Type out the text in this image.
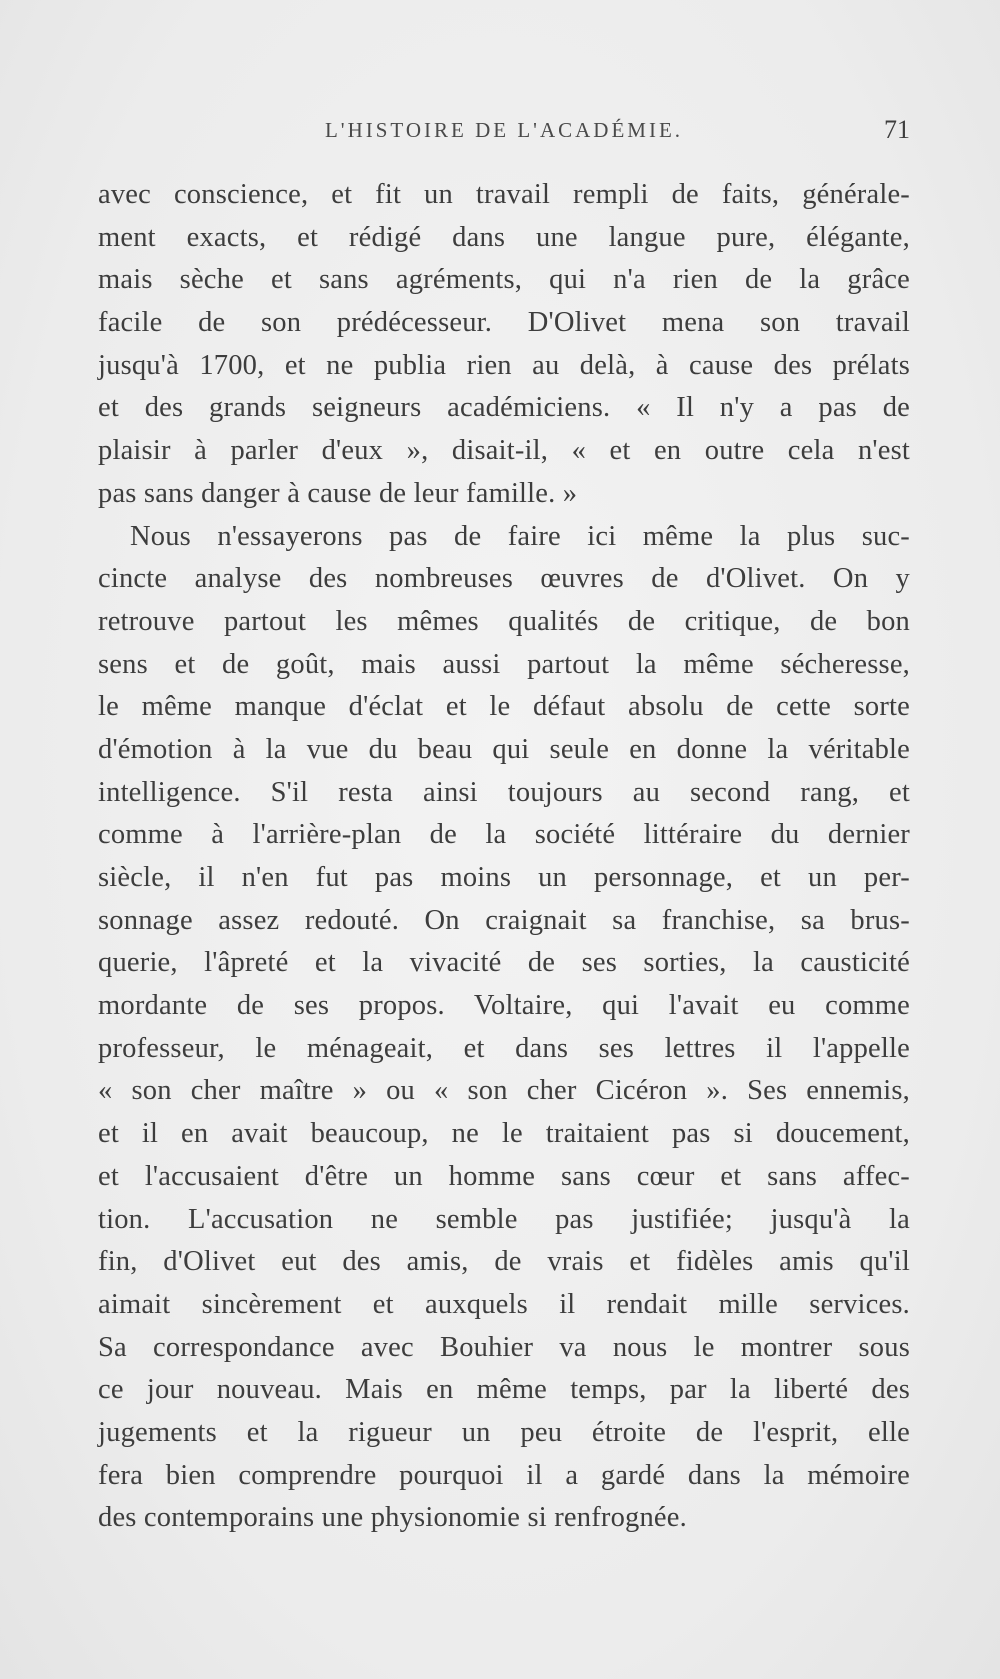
L'HISTOIRE DE L'ACADÉMIE.	71
avec conscience, et fit un travail rempli de faits, générale-
ment exacts, et rédigé dans une langue pure, élégante,
mais sèche et sans agréments, qui n'a rien de la grâce
facile de son prédécesseur. D'Olivet mena son travail
jusqu'à 1700, et ne publia rien au delà, à cause des prélats
et des grands seigneurs académiciens. « Il n'y a pas de
plaisir à parler d'eux », disait-il, « et en outre cela n'est
pas sans danger à cause de leur famille. »
Nous n'essayerons pas de faire ici même la plus suc-
cincte analyse des nombreuses œuvres de d'Olivet. On y
retrouve partout les mêmes qualités de critique, de bon
sens et de goût, mais aussi partout la même sécheresse,
le même manque d'éclat et le défaut absolu de cette sorte
d'émotion à la vue du beau qui seule en donne la véritable
intelligence. S'il resta ainsi toujours au second rang, et
comme à l'arrière-plan de la société littéraire du dernier
siècle, il n'en fut pas moins un personnage, et un per-
sonnage assez redouté. On craignait sa franchise, sa brus-
querie, l'âpreté et la vivacité de ses sorties, la causticité
mordante de ses propos. Voltaire, qui l'avait eu comme
professeur, le ménageait, et dans ses lettres il l'appelle
« son cher maître » ou « son cher Cicéron ». Ses ennemis,
et il en avait beaucoup, ne le traitaient pas si doucement,
et l'accusaient d'être un homme sans cœur et sans affec-
tion. L'accusation ne semble pas justifiée; jusqu'à la
fin, d'Olivet eut des amis, de vrais et fidèles amis qu'il
aimait sincèrement et auxquels il rendait mille services.
Sa correspondance avec Bouhier va nous le montrer sous
ce jour nouveau. Mais en même temps, par la liberté des
jugements et la rigueur un peu étroite de l'esprit, elle
fera bien comprendre pourquoi il a gardé dans la mémoire
des contemporains une physionomie si renfrognée.
